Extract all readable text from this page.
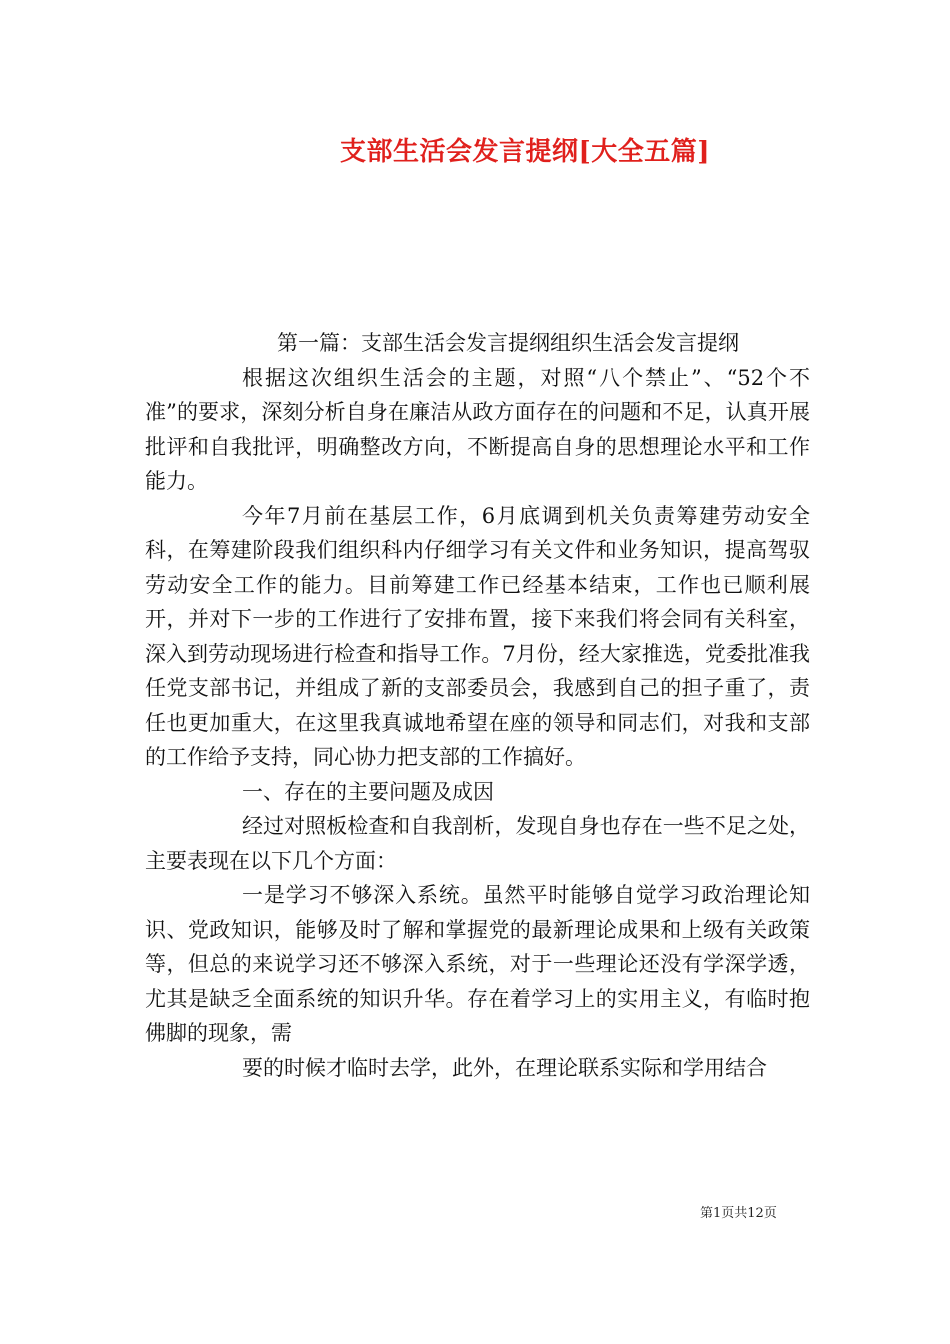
支部生活会发言提纲[大全五篇]

第一篇：支部生活会发言提纲组织生活会发言提纲

根据这次组织生活会的主题，对照“八个禁止”、“52个不准”的要求，深刻分析自身在廉洁从政方面存在的问题和不足，认真开展批评和自我批评，明确整改方向，不断提高自身的思想理论水平和工作能力。

今年7月前在基层工作，6月底调到机关负责筹建劳动安全科，在筹建阶段我们组织科内仔细学习有关文件和业务知识，提高驾驭劳动安全工作的能力。目前筹建工作已经基本结束，工作也已顺利展开，并对下一步的工作进行了安排布置，接下来我们将会同有关科室，深入到劳动现场进行检查和指导工作。7月份，经大家推选，党委批准我任党支部书记，并组成了新的支部委员会，我感到自己的担子重了，责任也更加重大，在这里我真诚地希望在座的领导和同志们，对我和支部的工作给予支持，同心协力把支部的工作搞好。

一、存在的主要问题及成因

经过对照板检查和自我剖析，发现自身也存在一些不足之处，主要表现在以下几个方面：

一是学习不够深入系统。虽然平时能够自觉学习政治理论知识、党政知识，能够及时了解和掌握党的最新理论成果和上级有关政策等，但总的来说学习还不够深入系统，对于一些理论还没有学深学透，尤其是缺乏全面系统的知识升华。存在着学习上的实用主义，有临时抱佛脚的现象，需

要的时候才临时去学，此外，在理论联系实际和学用结合

第1页共12页
